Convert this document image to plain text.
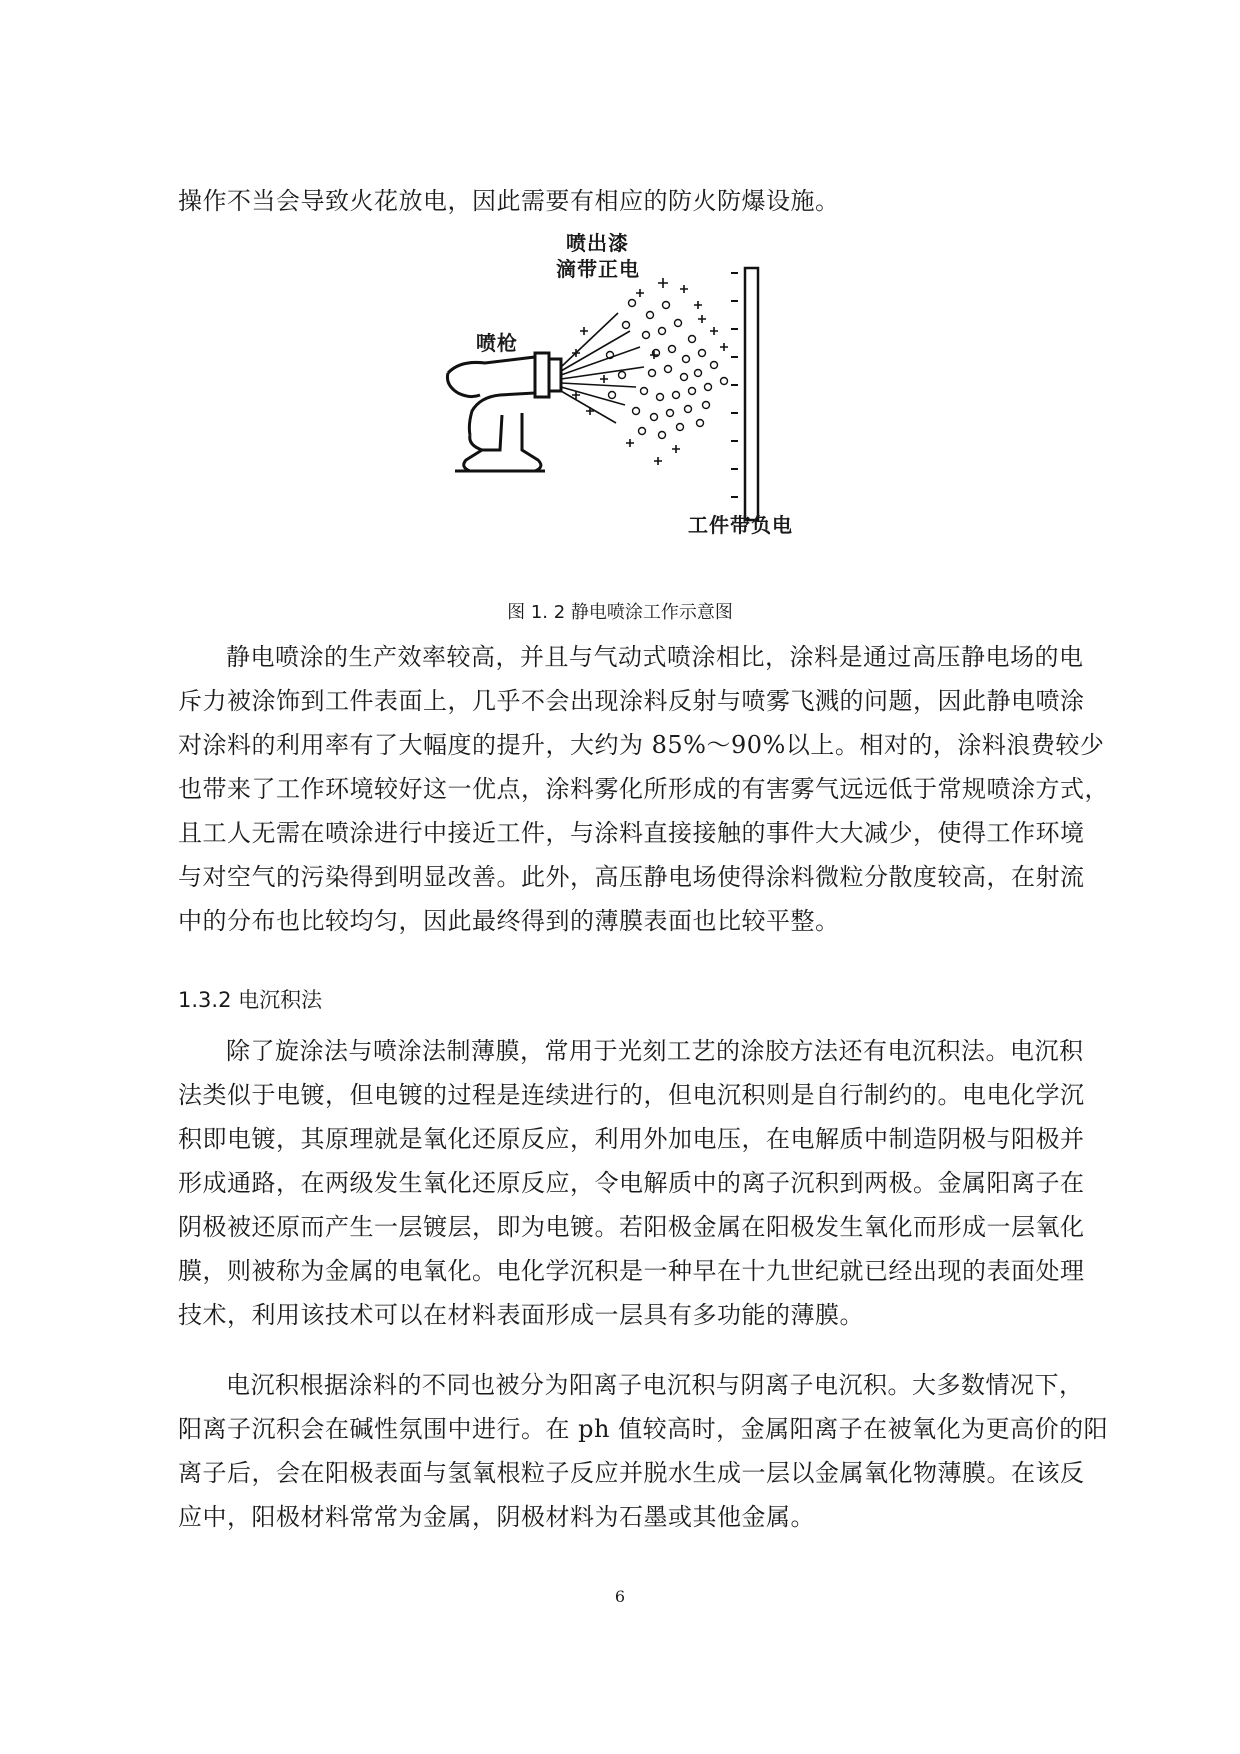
操作不当会导致火花放电，因此需要有相应的防火防爆设施。
喷出漆
滴带正电
喷枪
工件带负电
图 1. 2 静电喷涂工作示意图
静电喷涂的生产效率较高，并且与气动式喷涂相比，涂料是通过高压静电场的电
斥力被涂饰到工件表面上，几乎不会出现涂料反射与喷雾飞溅的问题，因此静电喷涂
对涂料的利用率有了大幅度的提升，大约为 85%～90%以上。相对的，涂料浪费较少
也带来了工作环境较好这一优点，涂料雾化所形成的有害雾气远远低于常规喷涂方式，
且工人无需在喷涂进行中接近工件，与涂料直接接触的事件大大减少，使得工作环境
与对空气的污染得到明显改善。此外，高压静电场使得涂料微粒分散度较高，在射流
中的分布也比较均匀，因此最终得到的薄膜表面也比较平整。
1.3.2 电沉积法
除了旋涂法与喷涂法制薄膜，常用于光刻工艺的涂胶方法还有电沉积法。电沉积
法类似于电镀，但电镀的过程是连续进行的，但电沉积则是自行制约的。电电化学沉
积即电镀，其原理就是氧化还原反应，利用外加电压，在电解质中制造阴极与阳极并
形成通路，在两级发生氧化还原反应，令电解质中的离子沉积到两极。金属阳离子在
阴极被还原而产生一层镀层，即为电镀。若阳极金属在阳极发生氧化而形成一层氧化
膜，则被称为金属的电氧化。电化学沉积是一种早在十九世纪就已经出现的表面处理
技术，利用该技术可以在材料表面形成一层具有多功能的薄膜。
电沉积根据涂料的不同也被分为阳离子电沉积与阴离子电沉积。大多数情况下，
阳离子沉积会在碱性氛围中进行。在 ph 值较高时，金属阳离子在被氧化为更高价的阳
离子后，会在阳极表面与氢氧根粒子反应并脱水生成一层以金属氧化物薄膜。在该反
应中，阳极材料常常为金属，阴极材料为石墨或其他金属。
6
